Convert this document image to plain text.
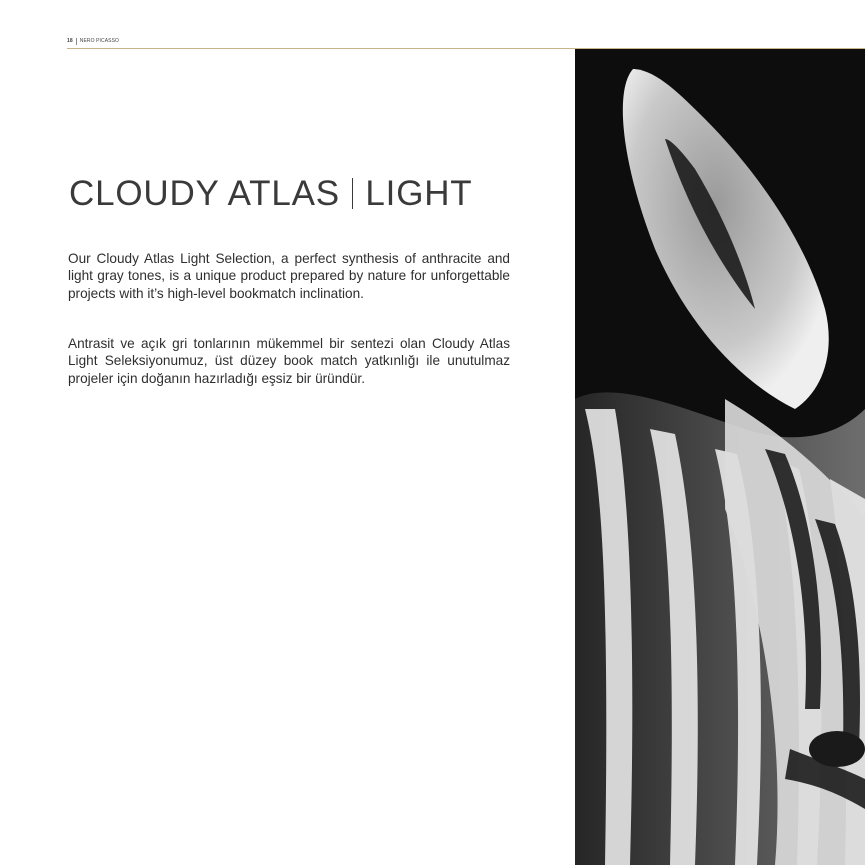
18	NERO PICASSO
CLOUDY ATLAS LIGHT

Our Cloudy Atlas Light Selection, a perfect synthesis of anthracite and light gray tones, is a unique product prepared by nature for unforgettable projects with it’s high-level bookmatch inclination.

Antrasit ve açık gri tonlarının mükemmel bir sentezi olan Cloudy Atlas Light Seleksiyonumuz, üst düzey book match yatkınlığı ile unutulmaz projeler için doğanın hazırladığı eşsiz bir üründür.
